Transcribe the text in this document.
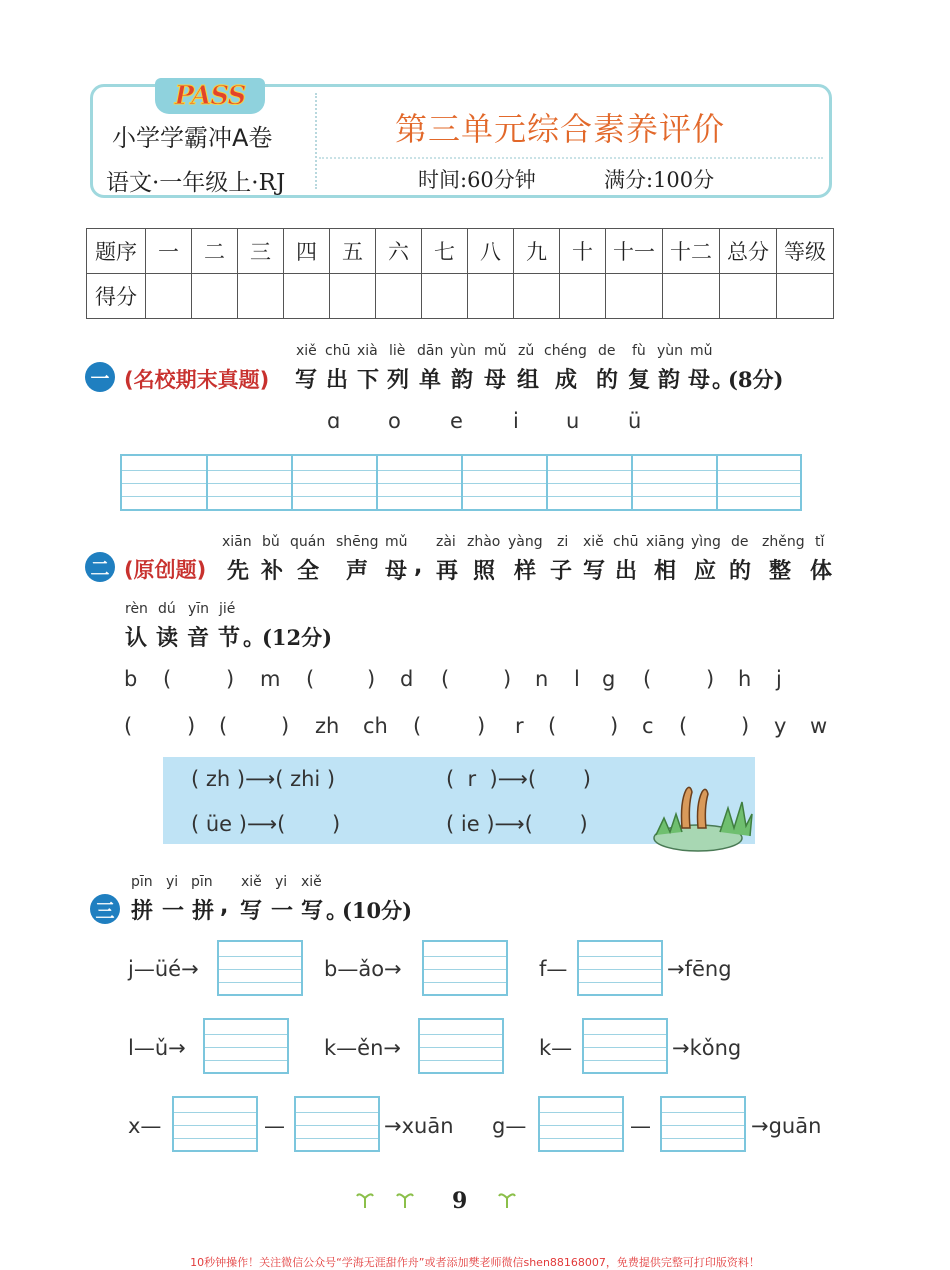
PASS
小学学霸冲A卷
语文·一年级上·RJ
第三单元综合素养评价
时间:60分钟	满分:100分
题序	一	二	三	四	五	六	七	八	九	十	十一	十二	总分	等级
得分														
一 (名校期末真题)
xiě chū xià liè dān yùn mǔ zǔ chéng de fù yùn mǔ
写 出 下 列 单 韵 母 组 成 的 复 韵 母 。
(8分)
ɑ o e i u ü
二 (原创题)
xiān bǔ quán shēng mǔ zài zhào yàng zi xiě chū xiāng yìng de zhěng tǐ
先 补 全 声 母 , 再 照 样 子 写 出 相 应 的 整 体
rèn dú yīn jié
认 读 音 节 。
(12分)
b (	) m (	) d (	) n l g (	) h j
(	) (	) zh ch (	) r (	) c (	) y w
( zh )⟶( zhi )	(  r  )⟶(       )
( üe )⟶(       )	( ie )⟶(       )
三
pīn yi pīn xiě yi xiě
拼 一 拼 , 写 一 写 。
(10分)
j—üé→	b—ǎo→	f—	→fēng
l—ǔ→	k—ěn→	k—	→kǒng
x—	—	→xuān g—	—	→guān
9
10秒钟操作！关注微信公众号“学海无涯甜作舟”或者添加樊老师微信shen88168007，免费提供完整可打印版资料！
